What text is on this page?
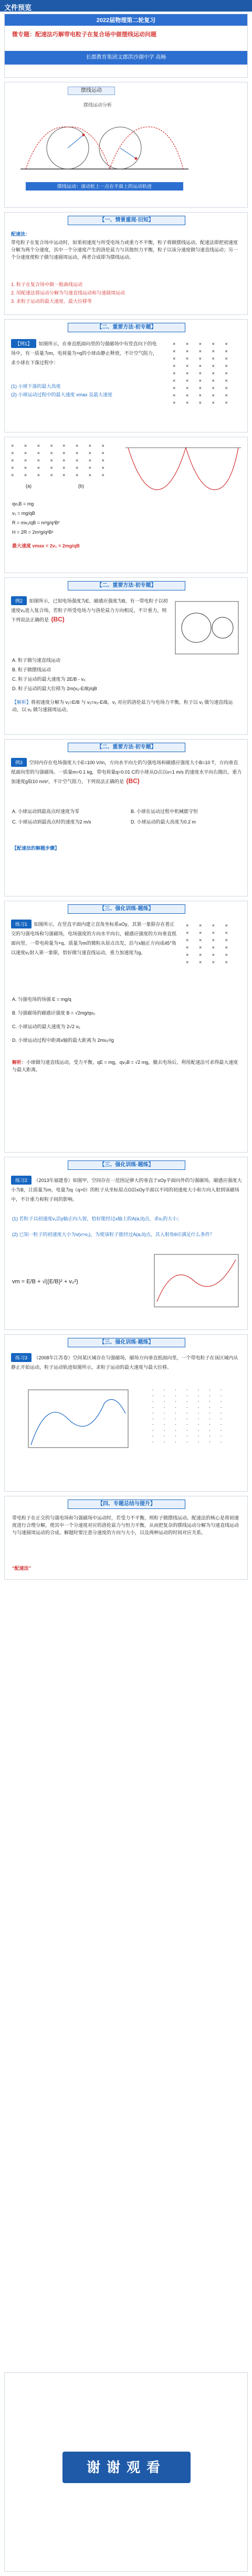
文件预览
2022届物理第二轮复习
微专题：配速法巧解带电粒子在复合场中做摆线运动问题
长郡教育集团文郡洪沙湖中学 高畅
摆线运动
摆线运动分析
摆线运动：滚动轮上一点在平面上的运动轨迹
【一、情景重现·旧知】
配速法：
带电粒子在复合场中运动时，如果初速度与所受电场力或重力不平衡，粒子将做摆线运动。配速法即把初速度分解为两个分速度，其中一个分速度产生的洛伦兹力与其他恒力平衡，粒子以该分速度做匀速直线运动；另一个分速度使粒子做匀速圆周运动，两者合成即为摆线运动。
1. 粒子在复合场中做一般曲线运动
2. 用配速法将运动分解为匀速直线运动和匀速圆周运动
3. 求粒子运动的最大速度、最大位移等
【二、重要方法·初专题】
【例1】 如图所示，在垂直纸面向里的匀强磁场中有竖直向下的电场中，有一质量为m，电荷量为+q的小球由静止释放，不计空气阻力，求小球在下落过程中：
(1) 小球下落的最大高度
(2) 小球运动过程中的最大速度 vmax 及最大速度
× × × × ×
× × × × ×
× × × × ×
× × × × ×
× × × × ×
× × × × ×
× × × × ×
× × × × ×
× × × × ×
× × × ×
× × × ×
× × × ×
× × × ×
× × × ×
(a)
× × × ×
× × × ×
× × × ×
× × × ×
× × × ×
(b)
qv₁B = mg
v₁ = mg/qB
R = mv₁/qB = m²g/q²B²
H = 2R = 2m²g/q²B²
最大速度 vmax = 2v₁ = 2mg/qB
【二、重要方法·初专题】
例2 如图所示，已知电场强度为E、磁感应强度为B，有一带电粒子以初速度v₀进入复合场，若粒子所受电场力与洛伦兹力方向相反，不计重力，则下列说法正确的是 (BC)
A. 粒子做匀速直线运动
B. 粒子做摆线运动
C. 粒子运动的最大速度为 2E/B - v₀
D. 粒子运动的最大位移为 2m(v₀-E/B)/qB
【解析】将初速度分解为 v₁=E/B 与 v₂=v₀-E/B，v₁ 对应的洛伦兹力与电场力平衡，粒子以 v₁ 做匀速直线运动，以 v₂ 做匀速圆周运动。
【二、重要方法·初专题】
例3 空间内存在电场强度大小E=100 V/m，方向水平向左的匀强电场和磁感应强度大小B=10 T，方向垂直纸面向里的匀强磁场。一质量m=0.1 kg，带电荷量q=0.01 C的小球从O点以v=1 m/s 的速度水平向右抛出，重力加速度g取10 m/s²，不计空气阻力，下列说法正确的是 (BC)
A. 小球运动到最高点时速度为零	B. 小球在运动过程中机械能守恒
C. 小球运动到最高点时的速度为2 m/s	D. 小球运动的最大高度为0.2 m
【配速法的解题步骤】
【三、强化训练·题练】
练习1 如图所示，在竖直平面内建立直角坐标系xOy，其第一象限存在着正交的匀强电场和匀强磁场，电场强度的方向水平向右，磁感应强度的方向垂直纸面向里。一带电荷量为+q、质量为m的微粒从原点出发，沿与x轴正方向成45°角以速度v₀射入第一象限，恰好做匀速直线运动，重力加速度为g。
× × × ×
× × × ×
× × × ×
× × × ×
× × × ×
× × × ×
A. 匀强电场的场强 E = mg/q
B. 匀强磁场的磁感应强度 B = √2mg/qv₀
C. 小球运动的最大速度为 2√2 v₀
D. 小球运动过程中距离x轴的最大距离为 2mv₀²/g
解析：小球做匀速直线运动，受力平衡，qE = mg，qv₀B = √2 mg，撤去电场后，利用配速法可求得最大速度与最大距离。
【三、强化训练·题练】
练习2 （2013年福建卷）如图甲，空间存在一范围足够大的垂直于xOy平面向外的匀强磁场，磁感应强度大小为B，让质量为m，电量为q（q>0）的粒子从坐标原点O沿xOy平面以不同的初速度大小和方向入射到该磁场中，不计重力和粒子间的影响。
(1) 若粒子以初速度v₁沿y轴正向入射，恰好能经过x轴上的A(a,0)点，求v₁的大小；
(2) 已知一粒子的初速度大小为v(v>v₁)，为使该粒子能经过A(a,0)点，其入射角θ应满足什么条件？
vm = E/B + √((E/B)² + v₀²)
【三、强化训练·题练】
练习3 （2008年江苏卷）空间某区域存在匀强磁场，磁场方向垂直纸面向里，一个带电粒子在该区域内从静止开始运动，粒子运动轨迹如图所示，求粒子运动的最大速度与最大位移。
· · · · · · ·
· · · · · · ·
· · · · · · ·
· · · · · · ·
· · · · · · ·
· · · · · · ·
· · · · · · ·
· · · · · · ·
· · · · · · ·
· · · · · · ·
【四、专题总结与提升】
带电粒子在正交的匀强电场和匀强磁场中运动时，若受力不平衡，则粒子做摆线运动。配速法的核心是将初速度进行合理分解，使其中一个分速度对应的洛伦兹力与恒力平衡，从而把复杂的摆线运动分解为匀速直线运动与匀速圆周运动的合成。解题时要注意分速度的方向与大小，以及两种运动的时间对应关系。
“配速法”
谢谢观看
